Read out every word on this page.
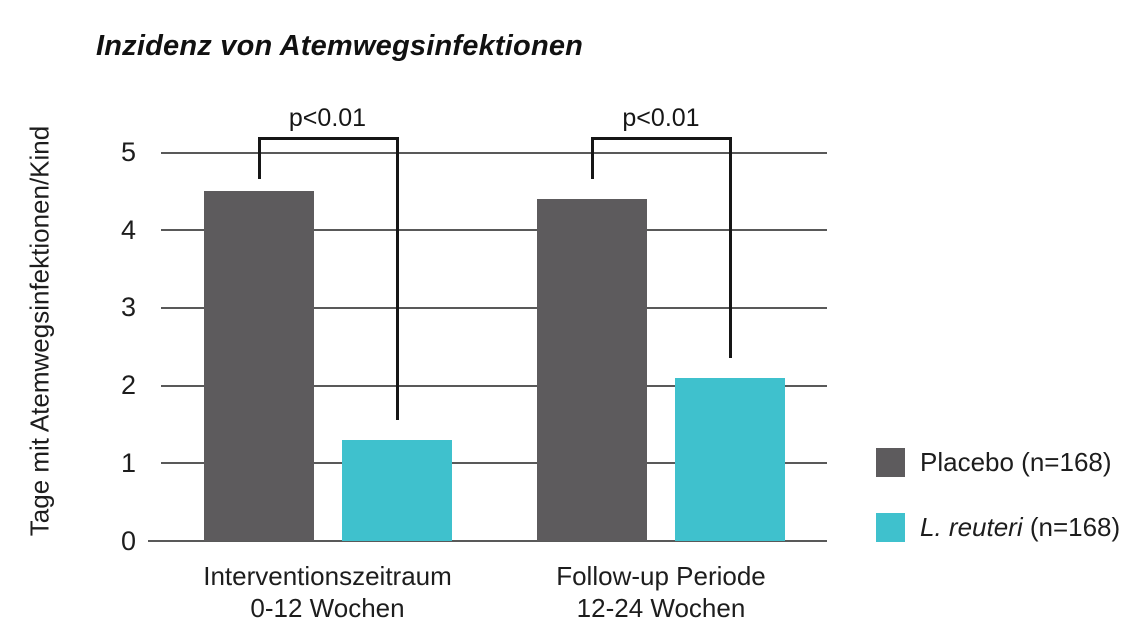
Inzidenz von Atemwegsinfektionen
Tage mit Atemwegsinfektionen/Kind
0
1
2
3
4
5
p<0.01	p<0.01
Interventionszeitraum
0-12 Wochen
Follow-up Periode
12-24 Wochen
Placebo (n=168)
L. reuteri (n=168)
